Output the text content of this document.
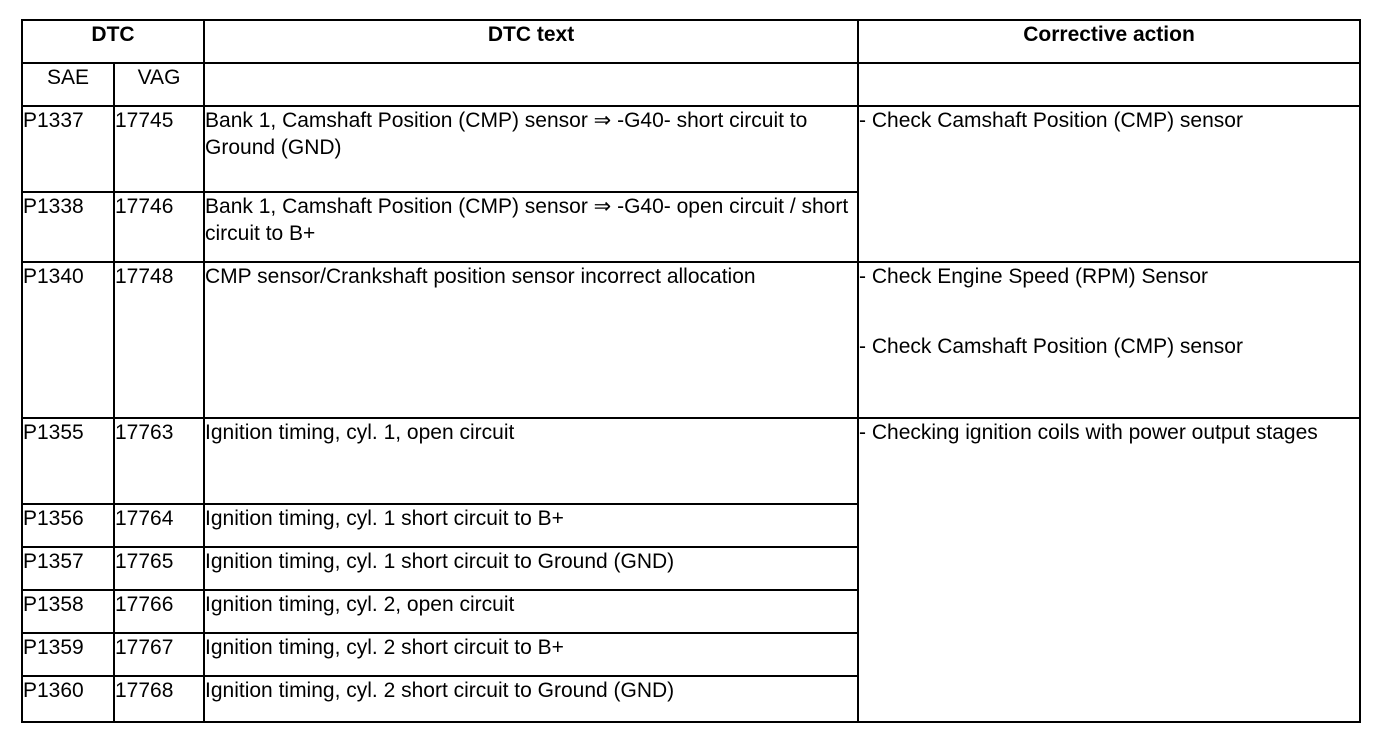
DTC		DTC text	Corrective action
SAE	VAG		
P1337	17745	Bank 1, Camshaft Position (CMP) sensor ⇒ -G40- short circuit to Ground (GND)	- Check Camshaft Position (CMP) sensor

P1338	17746	Bank 1, Camshaft Position (CMP) sensor ⇒ -G40- open circuit / short circuit to B+	
P1340	17748	CMP sensor/Crankshaft position sensor incorrect allocation	- Check Engine Speed (RPM) Sensor

- Check Camshaft Position (CMP) sensor

P1355	17763	Ignition timing, cyl. 1, open circuit	- Checking ignition coils with power output stages

P1356	17764	Ignition timing, cyl. 1 short circuit to B+	
P1357	17765	Ignition timing, cyl. 1 short circuit to Ground (GND)	
P1358	17766	Ignition timing, cyl. 2, open circuit	
P1359	17767	Ignition timing, cyl. 2 short circuit to B+	
P1360	17768	Ignition timing, cyl. 2 short circuit to Ground (GND)	
